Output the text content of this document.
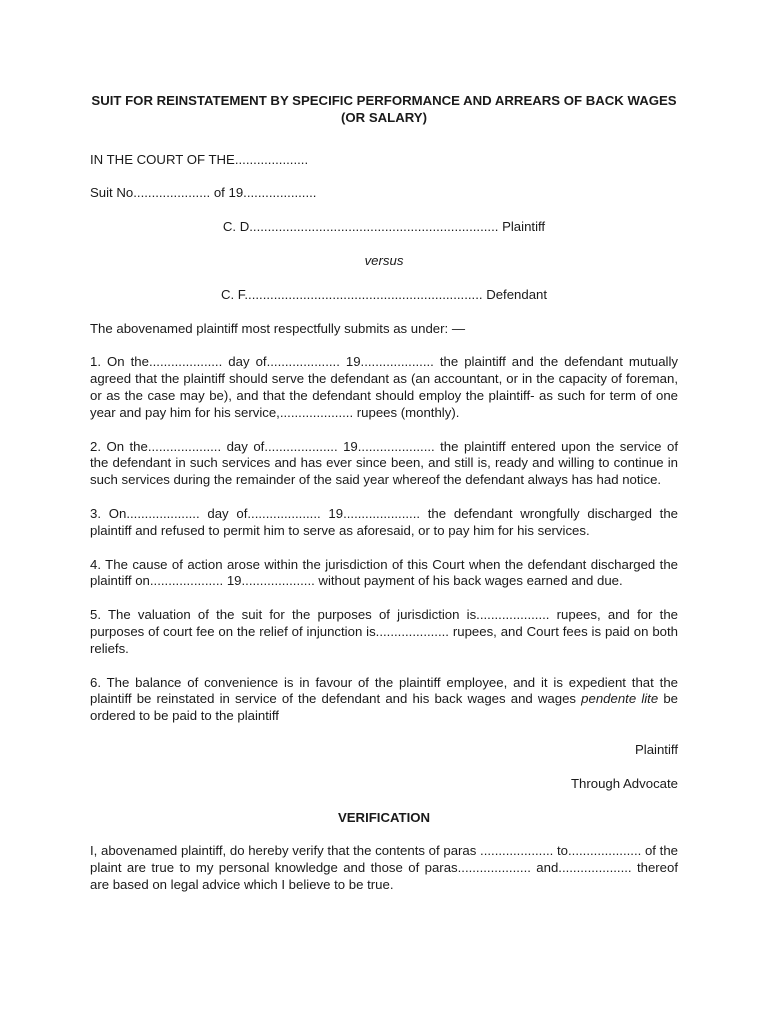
SUIT FOR REINSTATEMENT BY SPECIFIC PERFORMANCE AND ARREARS OF BACK WAGES (OR SALARY)

IN THE COURT OF THE....................

Suit No..................... of 19....................

C. D.................................................................... Plaintiff

versus

C. F................................................................. Defendant

The abovenamed plaintiff most respectfully submits as under: —

1. On the.................... day of.................... 19.................... the plaintiff and the defendant mutually agreed that the plaintiff should serve the defendant as (an accountant, or in the capacity of foreman, or as the case may be), and that the defendant should employ the plaintiff- as such for term of one year and pay him for his service,.................... rupees (monthly).

2. On the.................... day of.................... 19..................... the plaintiff entered upon the service of the defendant in such services and has ever since been, and still is, ready and willing to continue in such services during the remainder of the said year whereof the defendant always has had notice.

3. On.................... day of.................... 19..................... the defendant wrongfully discharged the plaintiff and refused to permit him to serve as aforesaid, or to pay him for his services.

4. The cause of action arose within the jurisdiction of this Court when the defendant discharged the plaintiff on.................... 19.................... without payment of his back wages earned and due.

5. The valuation of the suit for the purposes of jurisdiction is.................... rupees, and for the purposes of court fee on the relief of injunction is.................... rupees, and Court fees is paid on both reliefs.

6. The balance of convenience is in favour of the plaintiff employee, and it is expedient that the plaintiff be reinstated in service of the defendant and his back wages and wages pendente lite be ordered to be paid to the plaintiff

Plaintiff

Through Advocate

VERIFICATION

I, abovenamed plaintiff, do hereby verify that the contents of paras .................... to.................... of the plaint are true to my personal knowledge and those of paras.................... and.................... thereof are based on legal advice which I believe to be true.
